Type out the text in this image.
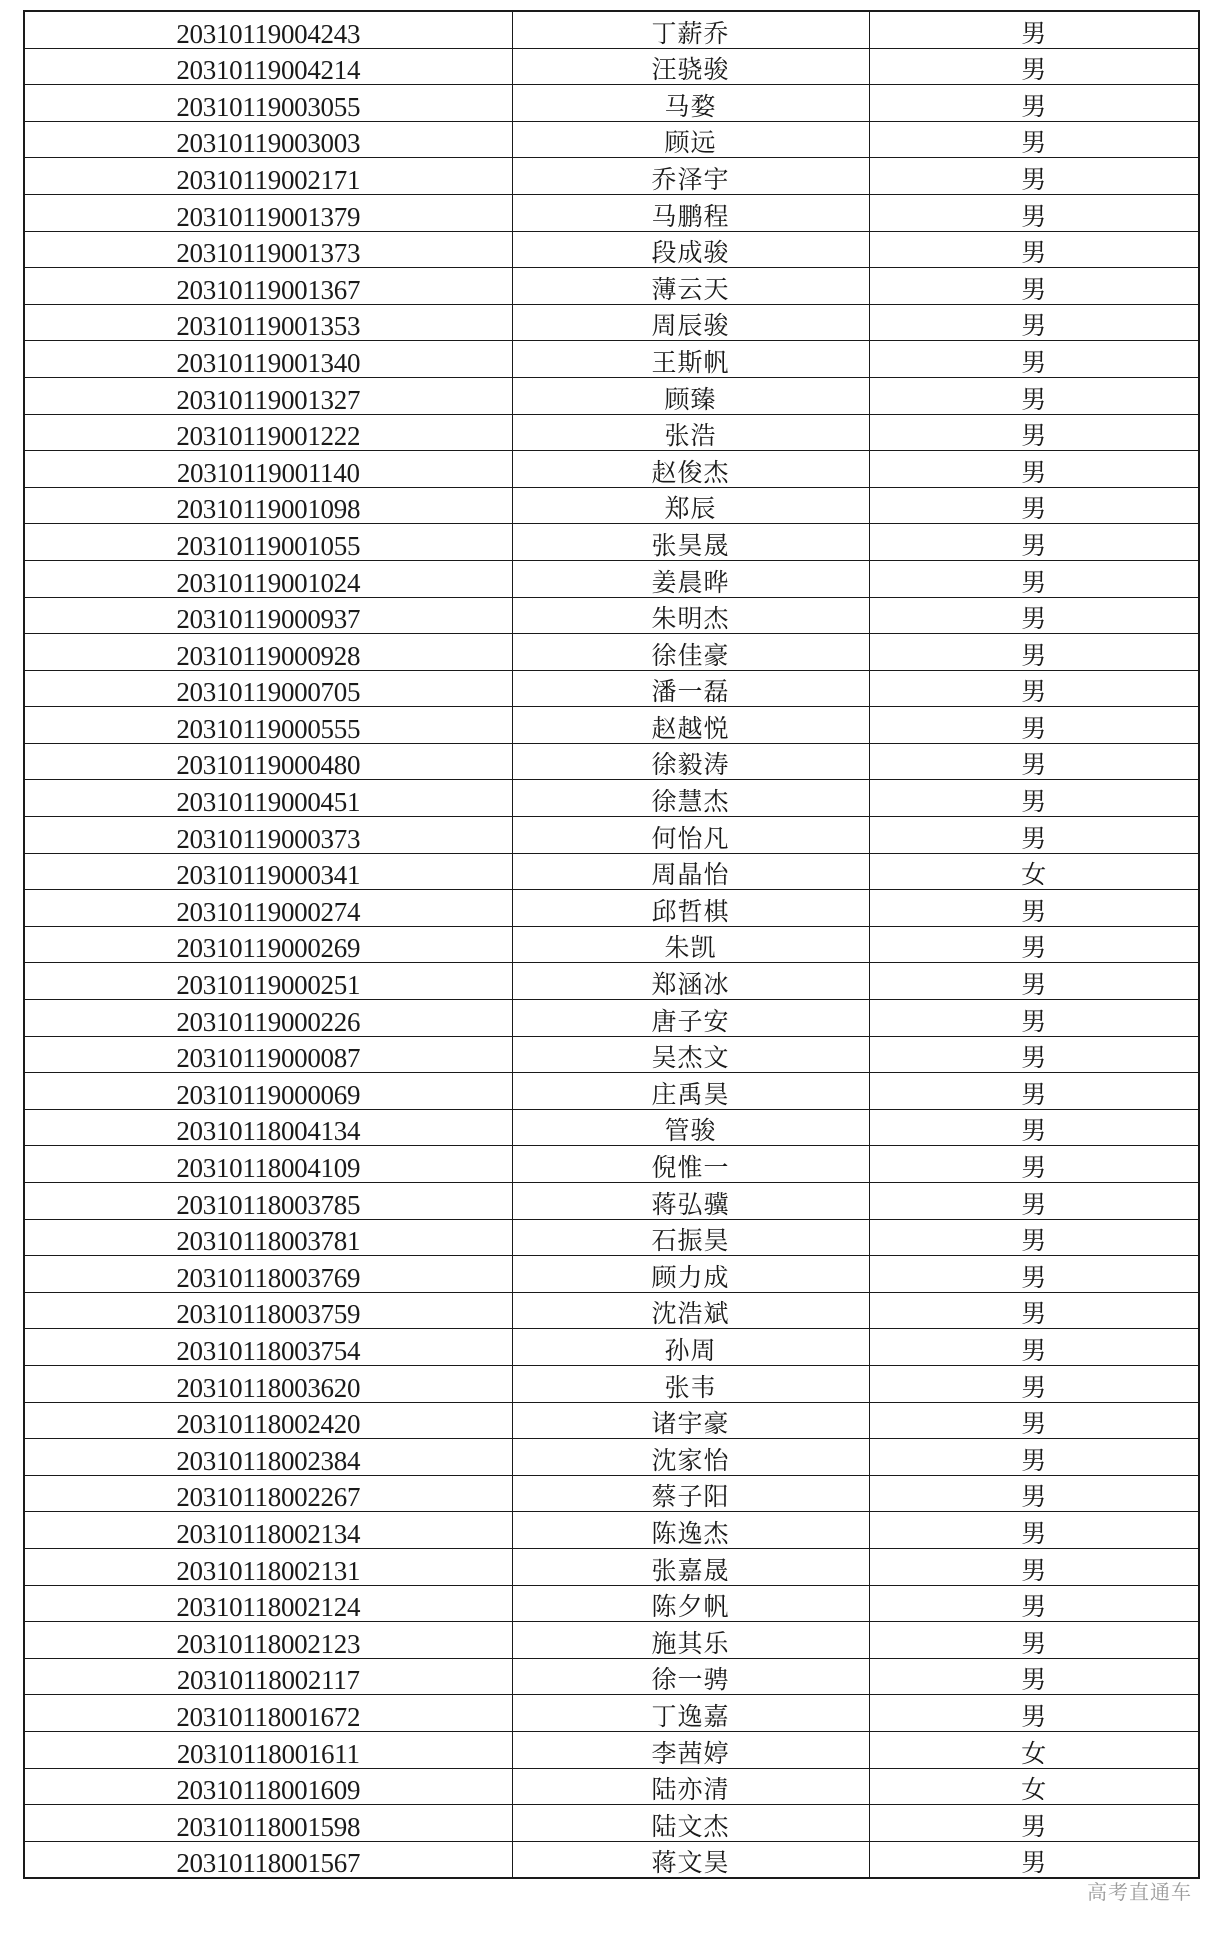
20310119004243	丁薪乔	男
20310119004214	汪骁骏	男
20310119003055	马婺	男
20310119003003	顾远	男
20310119002171	乔泽宇	男
20310119001379	马鹏程	男
20310119001373	段成骏	男
20310119001367	薄云天	男
20310119001353	周辰骏	男
20310119001340	王斯帆	男
20310119001327	顾臻	男
20310119001222	张浩	男
20310119001140	赵俊杰	男
20310119001098	郑辰	男
20310119001055	张昊晟	男
20310119001024	姜晨晔	男
20310119000937	朱明杰	男
20310119000928	徐佳豪	男
20310119000705	潘一磊	男
20310119000555	赵越悦	男
20310119000480	徐毅涛	男
20310119000451	徐慧杰	男
20310119000373	何怡凡	男
20310119000341	周晶怡	女
20310119000274	邱哲棋	男
20310119000269	朱凯	男
20310119000251	郑涵冰	男
20310119000226	唐子安	男
20310119000087	吴杰文	男
20310119000069	庄禹昊	男
20310118004134	管骏	男
20310118004109	倪惟一	男
20310118003785	蒋弘骥	男
20310118003781	石振昊	男
20310118003769	顾力成	男
20310118003759	沈浩斌	男
20310118003754	孙周	男
20310118003620	张韦	男
20310118002420	诸宇豪	男
20310118002384	沈家怡	男
20310118002267	蔡子阳	男
20310118002134	陈逸杰	男
20310118002131	张嘉晟	男
20310118002124	陈夕帆	男
20310118002123	施其乐	男
20310118002117	徐一骋	男
20310118001672	丁逸嘉	男
20310118001611	李茜婷	女
20310118001609	陆亦清	女
20310118001598	陆文杰	男
20310118001567	蒋文昊	男
高考直通车
